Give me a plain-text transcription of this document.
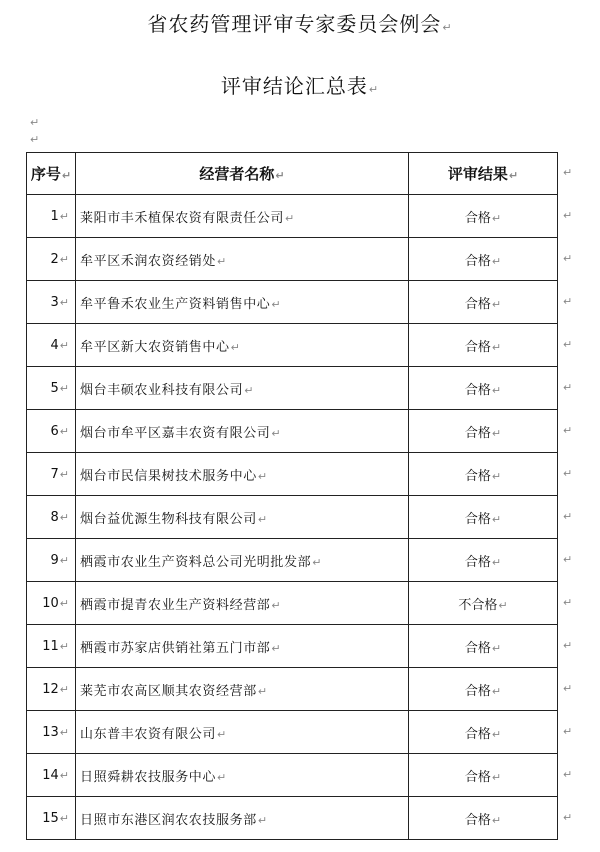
省农药管理评审专家委员会例会↵
评审结论汇总表↵
↵
↵
序号↵	经营者名称↵	评审结果↵
1↵	莱阳市丰禾植保农资有限责任公司↵	合格↵
2↵	牟平区禾润农资经销处↵	合格↵
3↵	牟平鲁禾农业生产资料销售中心↵	合格↵
4↵	牟平区新大农资销售中心↵	合格↵
5↵	烟台丰硕农业科技有限公司↵	合格↵
6↵	烟台市牟平区嘉丰农资有限公司↵	合格↵
7↵	烟台市民信果树技术服务中心↵	合格↵
8↵	烟台益优源生物科技有限公司↵	合格↵
9↵	栖霞市农业生产资料总公司光明批发部↵	合格↵
10↵	栖霞市提青农业生产资料经营部↵	不合格↵
11↵	栖霞市苏家店供销社第五门市部↵	合格↵
12↵	莱芜市农高区顺其农资经营部↵	合格↵
13↵	山东普丰农资有限公司↵	合格↵
14↵	日照舜耕农技服务中心↵	合格↵
15↵	日照市东港区润农农技服务部↵	合格↵
↵
↵
↵
↵
↵
↵
↵
↵
↵
↵
↵
↵
↵
↵
↵
↵
